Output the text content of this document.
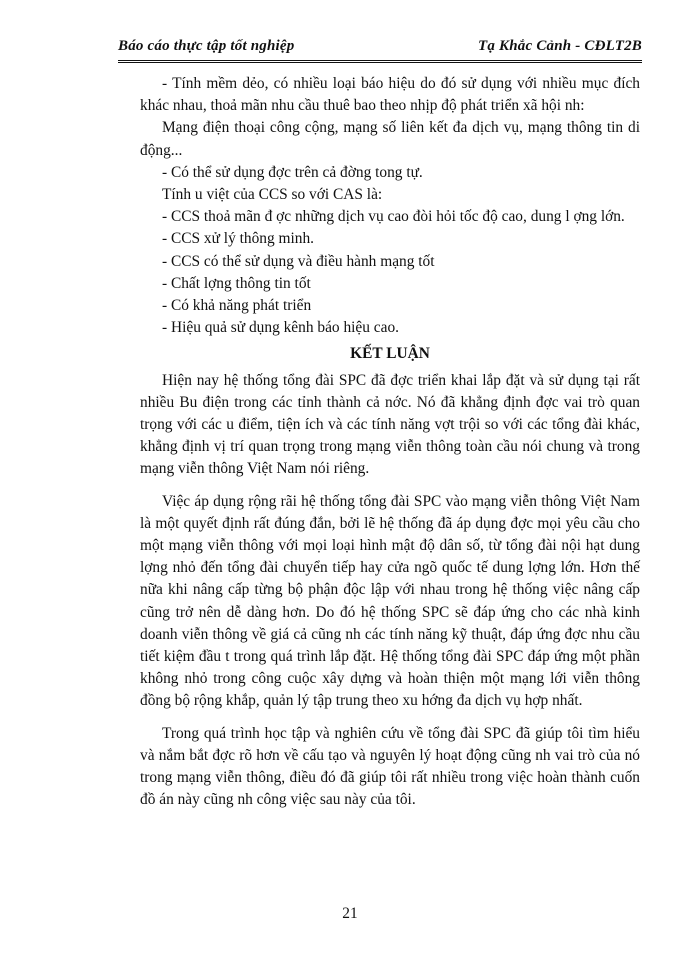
Báo cáo thực tập tốt nghiệp	Tạ Khắc Cảnh - CĐLT2B

- Tính mềm dẻo, có nhiều loại báo hiệu do đó sử dụng với nhiều mục đích khác nhau, thoả mãn nhu cầu thuê bao theo nhịp độ phát triển xã hội nh:

Mạng điện thoại công cộng, mạng số liên kết đa dịch vụ, mạng thông tin di động...

- Có thể sử dụng đợc trên cả đờng tong tự.

Tính u việt của CCS so với CAS là:

- CCS thoả mãn đ ợc những dịch vụ cao đòi hỏi tốc độ cao, dung l ợng lớn.

- CCS xử lý thông minh.

- CCS có thể sử dụng và điều hành mạng tốt

- Chất lợng thông tin tốt

- Có khả năng phát triển

- Hiệu quả sử dụng kênh báo hiệu cao.

KẾT LUẬN

Hiện nay hệ thống tổng đài SPC đã đợc triển khai lắp đặt và sử dụng tại rất nhiều Bu điện trong các tỉnh thành cả nớc. Nó đã khẳng định đợc vai trò quan trọng với các u điểm, tiện ích và các tính năng vợt trội so với các tổng đài khác, khẳng định vị trí quan trọng trong mạng viễn thông toàn cầu nói chung và trong mạng viễn thông Việt Nam nói riêng.

Việc áp dụng rộng rãi hệ thống tổng đài SPC vào mạng viễn thông Việt Nam là một quyết định rất đúng đắn, bởi lẽ hệ thống đã áp dụng đợc mọi yêu cầu cho một mạng viễn thông với mọi loại hình mật độ dân số, từ tổng đài nội hạt dung lợng nhỏ đến tổng đài chuyển tiếp hay cửa ngõ quốc tế dung lợng lớn. Hơn thế nữa khi nâng cấp từng bộ phận độc lập với nhau trong hệ thống việc nâng cấp cũng trở nên dễ dàng hơn. Do đó hệ thống SPC sẽ đáp ứng cho các nhà kinh doanh viễn thông về giá cả cũng nh các tính năng kỹ thuật, đáp ứng đợc nhu cầu tiết kiệm đầu t trong quá trình lắp đặt. Hệ thống tổng đài SPC đáp ứng một phần không nhỏ trong công cuộc xây dựng và hoàn thiện một mạng lới viễn thông đồng bộ rộng khắp, quản lý tập trung theo xu hớng đa dịch vụ hợp nhất.

Trong quá trình học tập và nghiên cứu về tổng đài SPC đã giúp tôi tìm hiểu và nắm bắt đợc rõ hơn về cấu tạo và nguyên lý hoạt động cũng nh vai trò của nó trong mạng viễn thông, điều đó đã giúp tôi rất nhiều trong việc hoàn thành cuốn đồ án này cũng nh công việc sau này của tôi.

21
